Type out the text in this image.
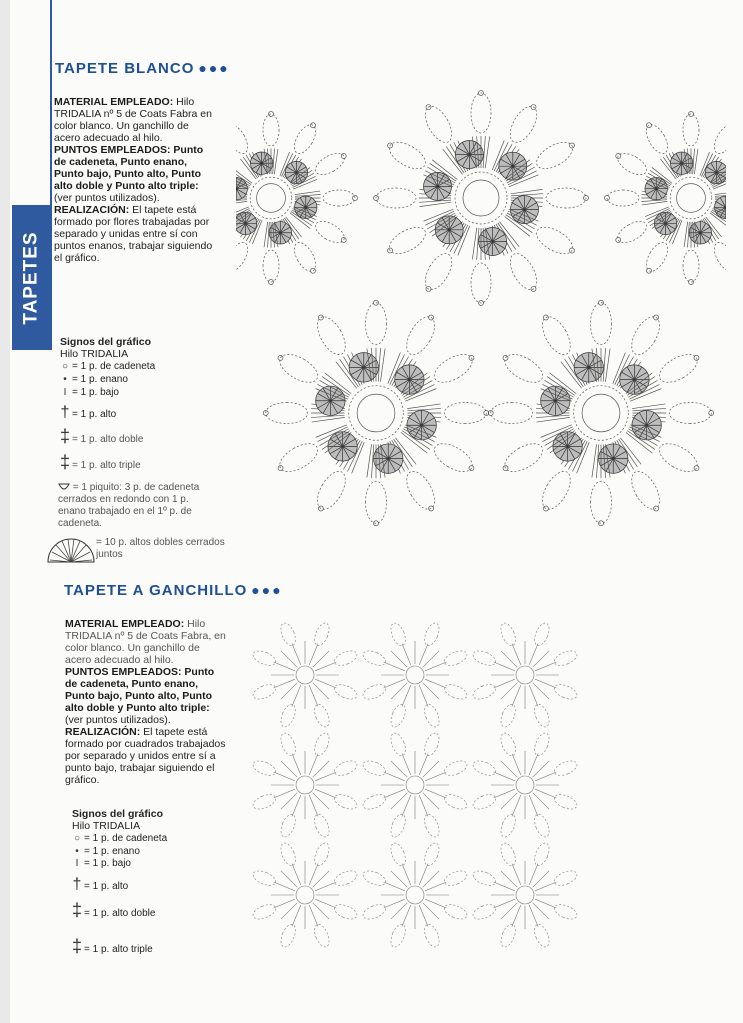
TAPETES
TAPETE BLANCO ●●●
MATERIAL EMPLEADO: Hilo TRIDALIA nº 5 de Coats Fabra en color blanco. Un ganchillo de acero adecuado al hilo.
PUNTOS EMPLEADOS: Punto de cadeneta, Punto enano, Punto bajo, Punto alto, Punto alto doble y Punto alto triple: (ver puntos utilizados).
REALIZACIÓN: El tapete está formado por flores trabajadas por separado y unidas entre sí con puntos enanos, trabajar siguiendo el gráfico.
Signos del gráfico
Hilo TRIDALIA
○ = 1 p. de cadeneta
• = 1 p. enano
I = 1 p. bajo
† = 1 p. alto
‡ = 1 p. alto doble
‡ = 1 p. alto triple
= 1 piquito: 3 p. de cadeneta cerrados en redondo con 1 p. enano trabajado en el 1º p. de cadeneta.
= 10 p. altos dobles cerrados juntos
TAPETE A GANCHILLO ●●●
MATERIAL EMPLEADO: Hilo TRIDALIA nº 5 de Coats Fabra, en color blanco. Un ganchillo de acero adecuado al hilo.
PUNTOS EMPLEADOS: Punto de cadeneta, Punto enano, Punto bajo, Punto alto, Punto alto doble y Punto alto triple: (ver puntos utilizados).
REALIZACIÓN: El tapete está formado por cuadrados trabajados por separado y unidos entre sí a punto bajo, trabajar siguiendo el gráfico.
Signos del gráfico
Hilo TRIDALIA
○ = 1 p. de cadeneta
• = 1 p. enano
I = 1 p. bajo
† = 1 p. alto
‡ = 1 p. alto doble
‡ = 1 p. alto triple
